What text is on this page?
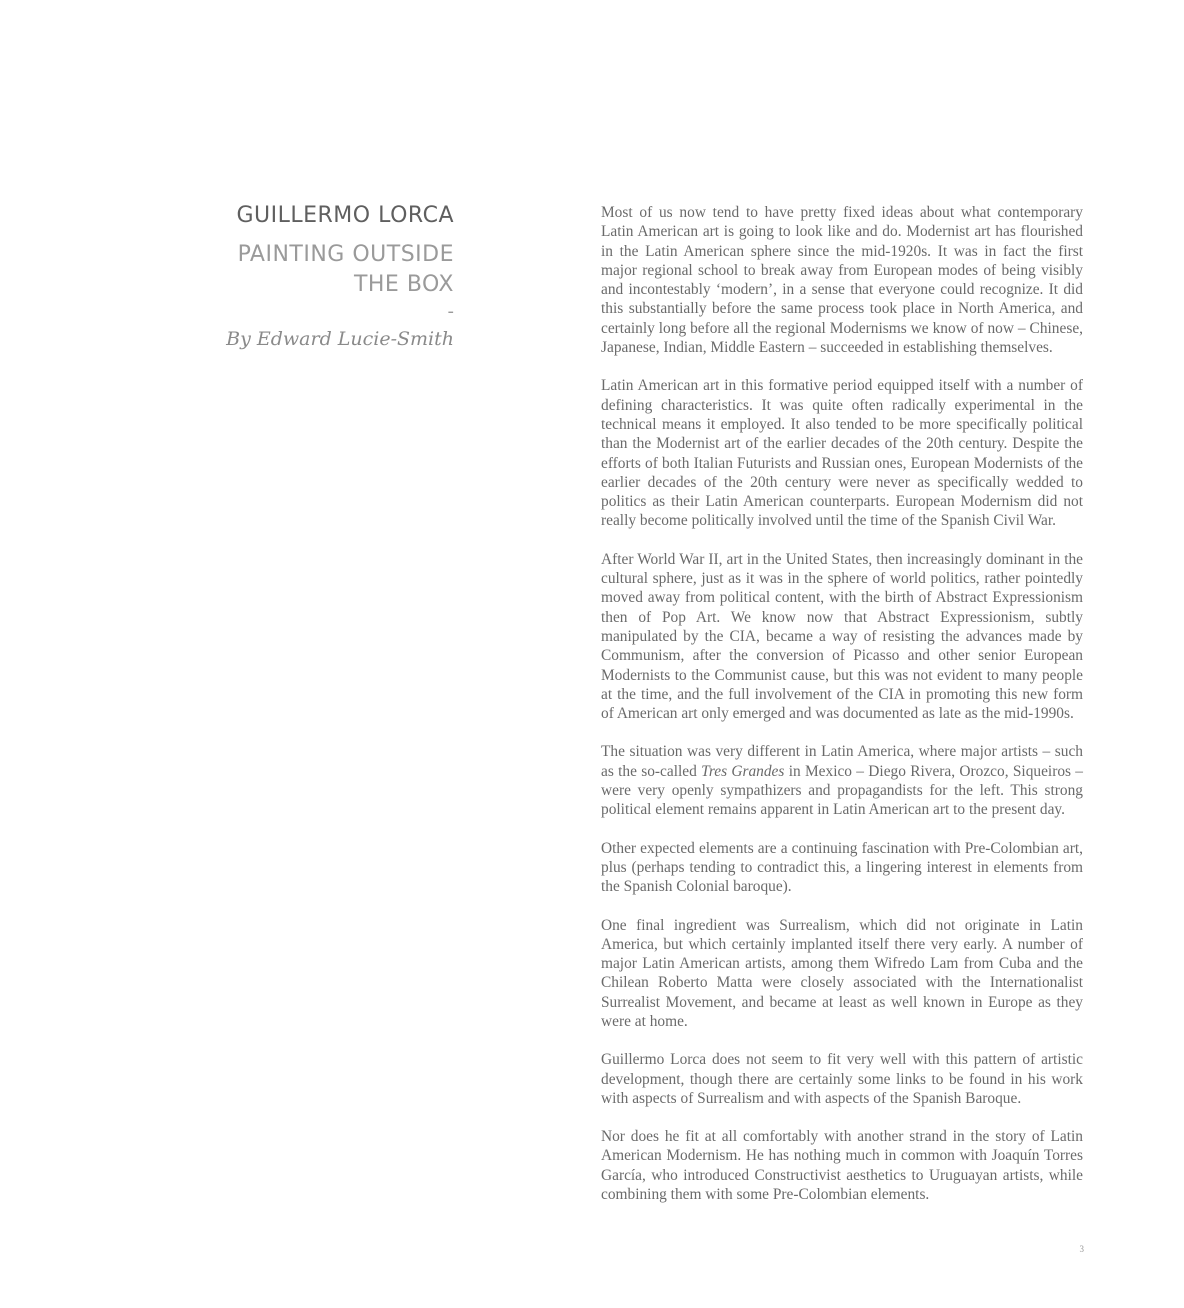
GUILLERMO LORCA
PAINTING OUTSIDE
THE BOX
-
By Edward Lucie-Smith

Most of us now tend to have pretty fixed ideas about what contemporary Latin American art is going to look like and do. Modernist art has flourished in the Latin American sphere since the mid-1920s. It was in fact the first major regional school to break away from European modes of being visibly and incontestably ‘modern’, in a sense that everyone could recognize. It did this substantially before the same process took place in North America, and certainly long before all the regional Modernisms we know of now – Chinese, Japanese, Indian, Middle Eastern – succeeded in establishing themselves.

Latin American art in this formative period equipped itself with a number of defining characteristics. It was quite often radically experimental in the technical means it employed. It also tended to be more specifically political than the Modernist art of the earlier decades of the 20th century. Despite the efforts of both Italian Futurists and Russian ones, European Modernists of the earlier decades of the 20th century were never as specifically wedded to politics as their Latin American counterparts. European Modernism did not really become politically involved until the time of the Spanish Civil War.

After World War II, art in the United States, then increasingly dominant in the cultural sphere, just as it was in the sphere of world politics, rather pointedly moved away from political content, with the birth of Abstract Expressionism then of Pop Art. We know now that Abstract Expressionism, subtly manipulated by the CIA, became a way of resisting the advances made by Communism, after the conversion of Picasso and other senior European Modernists to the Communist cause, but this was not evident to many people at the time, and the full involvement of the CIA in promoting this new form of American art only emerged and was documented as late as the mid-1990s.

The situation was very different in Latin America, where major artists – such as the so-called Tres Grandes in Mexico – Diego Rivera, Orozco, Siqueiros – were very openly sympathizers and propagandists for the left. This strong political element remains apparent in Latin American art to the present day.

Other expected elements are a continuing fascination with Pre-Colombian art, plus (perhaps tending to contradict this, a lingering interest in elements from the Spanish Colonial baroque).

One final ingredient was Surrealism, which did not originate in Latin America, but which certainly implanted itself there very early. A number of major Latin American artists, among them Wifredo Lam from Cuba and the Chilean Roberto Matta were closely associated with the Internationalist Surrealist Movement, and became at least as well known in Europe as they were at home.

Guillermo Lorca does not seem to fit very well with this pattern of artistic development, though there are certainly some links to be found in his work with aspects of Surrealism and with aspects of the Spanish Baroque.

Nor does he fit at all comfortably with another strand in the story of Latin American Modernism. He has nothing much in common with Joaquín Torres García, who introduced Constructivist aesthetics to Uruguayan artists, while combining them with some Pre-Colombian elements.

3
